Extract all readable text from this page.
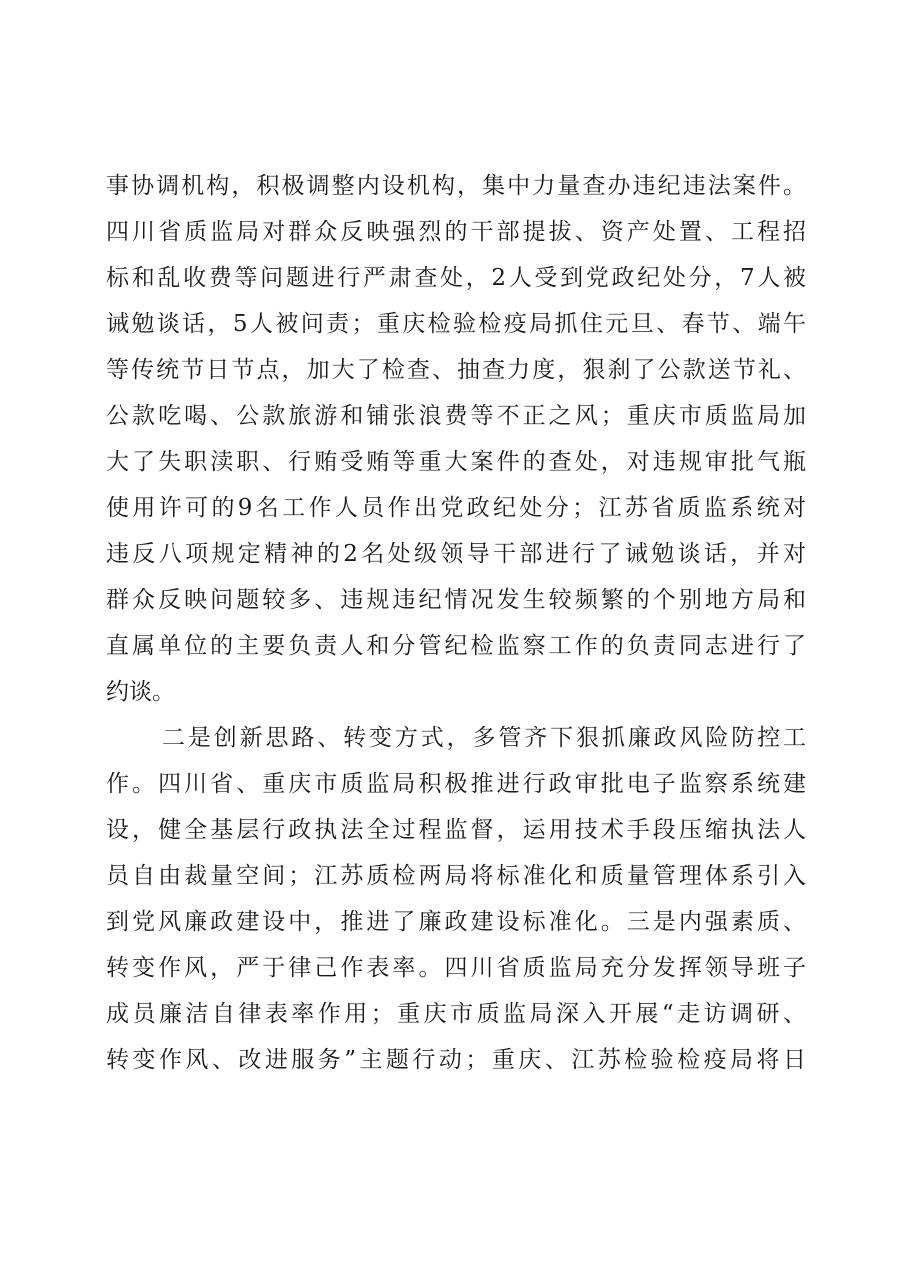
事协调机构，积极调整内设机构，集中力量查办违纪违法案件。
四川省质监局对群众反映强烈的干部提拔、资产处置、工程招
标和乱收费等问题进行严肃查处，2人受到党政纪处分，7人被
诫勉谈话，5人被问责；重庆检验检疫局抓住元旦、春节、端午
等传统节日节点，加大了检查、抽查力度，狠刹了公款送节礼、
公款吃喝、公款旅游和铺张浪费等不正之风；重庆市质监局加
大了失职渎职、行贿受贿等重大案件的查处，对违规审批气瓶
使用许可的9名工作人员作出党政纪处分；江苏省质监系统对
违反八项规定精神的2名处级领导干部进行了诫勉谈话，并对
群众反映问题较多、违规违纪情况发生较频繁的个别地方局和
直属单位的主要负责人和分管纪检监察工作的负责同志进行了
约谈。
二是创新思路、转变方式，多管齐下狠抓廉政风险防控工
作。四川省、重庆市质监局积极推进行政审批电子监察系统建
设，健全基层行政执法全过程监督，运用技术手段压缩执法人
员自由裁量空间；江苏质检两局将标准化和质量管理体系引入
到党风廉政建设中，推进了廉政建设标准化。三是内强素质、
转变作风，严于律己作表率。四川省质监局充分发挥领导班子
成员廉洁自律表率作用；重庆市质监局深入开展“走访调研、
转变作风、改进服务”主题行动；重庆、江苏检验检疫局将日
